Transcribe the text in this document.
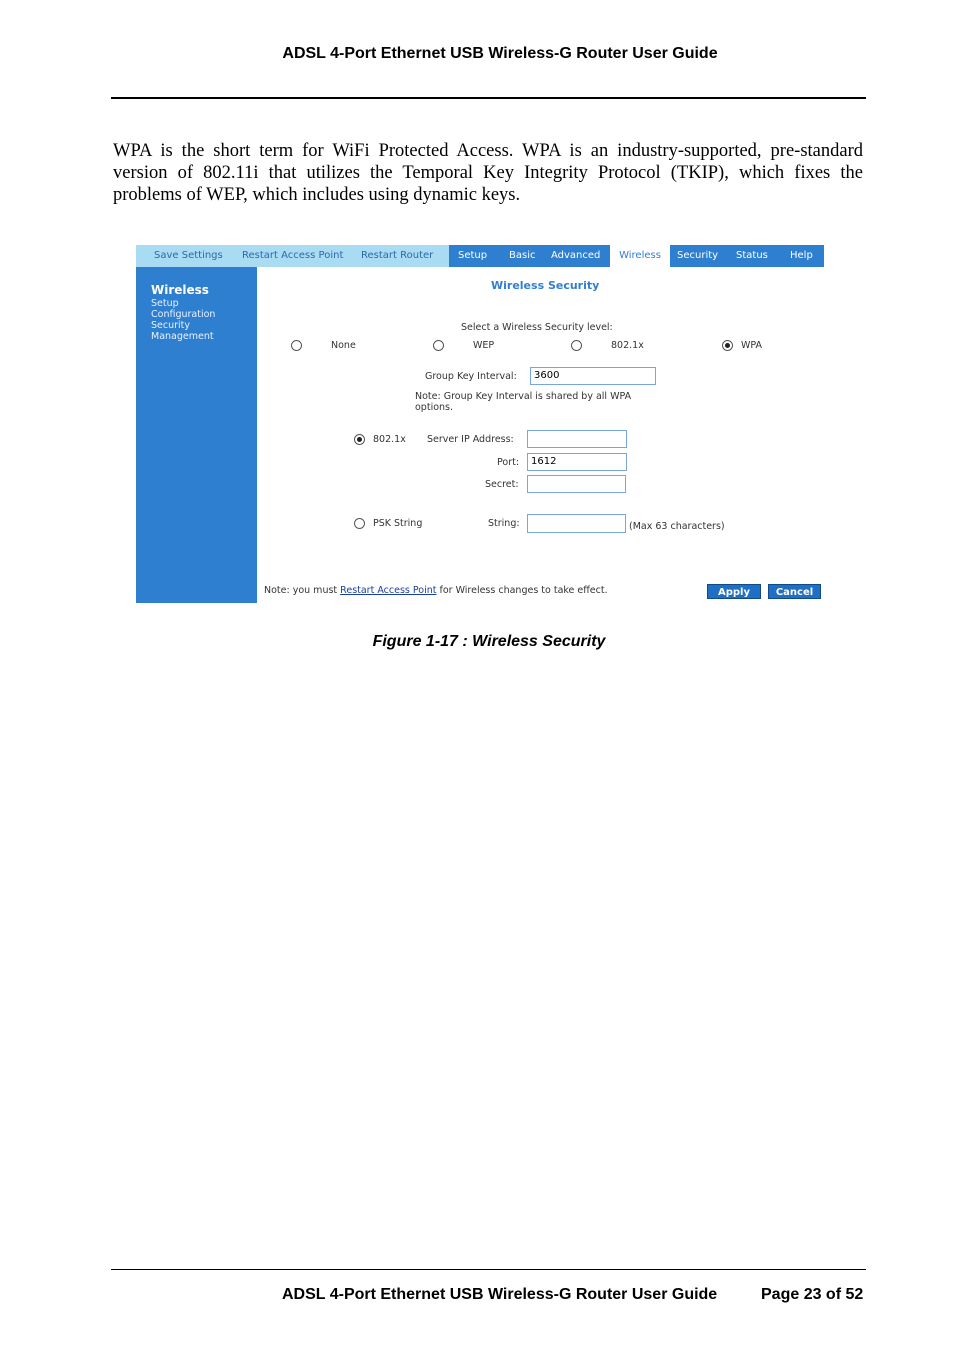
ADSL 4-Port Ethernet USB Wireless-G Router User Guide
WPA is the short term for WiFi Protected Access. WPA is an industry-supported, pre-standard version of 802.11i that utilizes the Temporal Key Integrity Protocol (TKIP), which fixes the problems of WEP, which includes using dynamic keys.
Save Settings Restart Access Point Restart Router Setup Basic Advanced	Wireless	Security Status Help
Wireless
Setup
Configuration
Security
Management
Wireless Security
Select a Wireless Security level:
None	WEP	802.1x	WPA
Group Key Interval:	3600
Note: Group Key Interval is shared by all WPA
options.
802.1x Server IP Address:
Port:	1612
Secret:
PSK String	String:	(Max 63 characters)
Note: you must Restart Access Point for Wireless changes to take effect.	Apply	Cancel
Figure 1-17 : Wireless Security
ADSL 4-Port Ethernet USB Wireless-G Router User Guide	Page 23 of 52
